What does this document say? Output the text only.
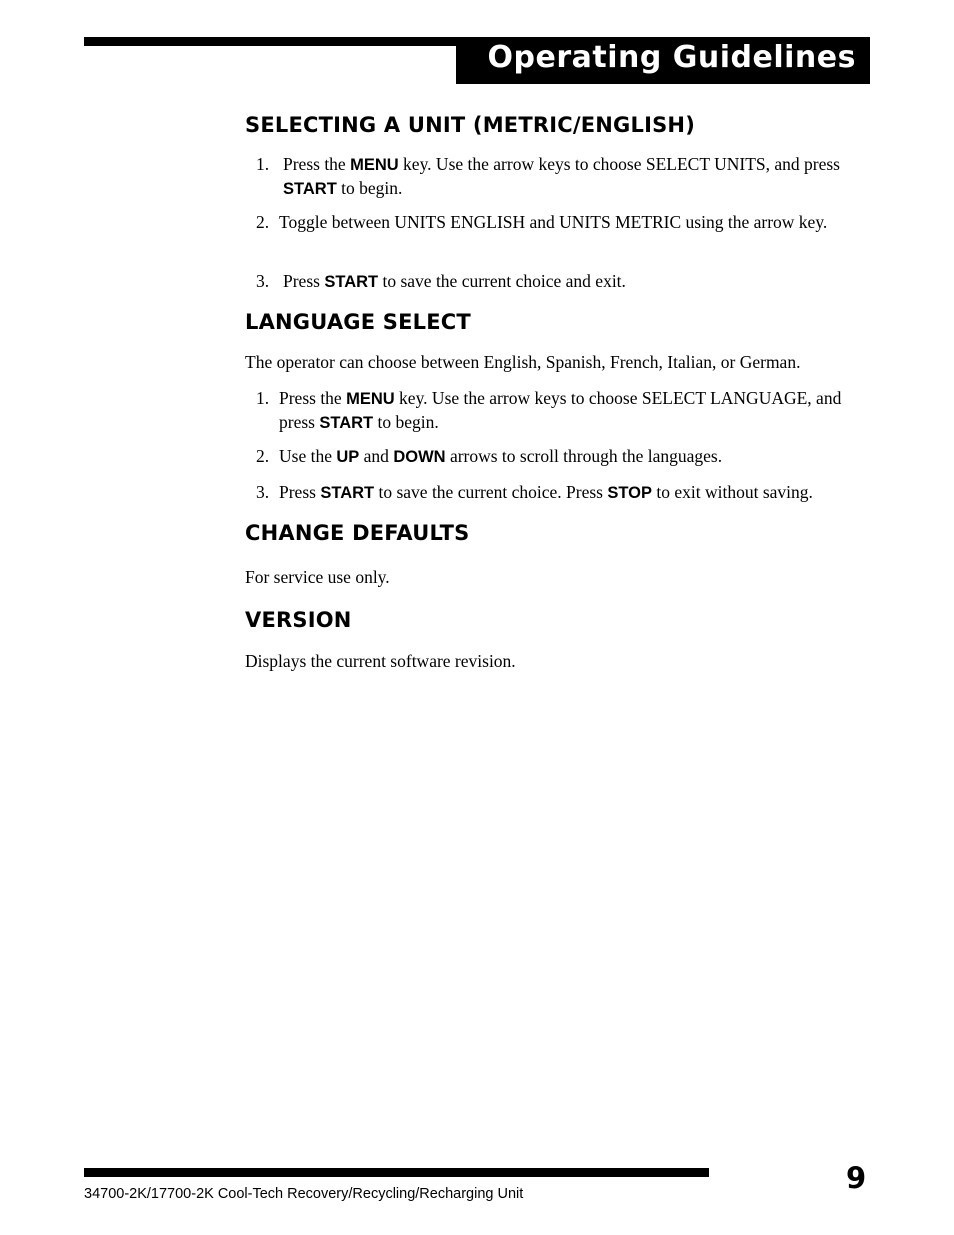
Operating Guidelines
SELECTING A UNIT (METRIC/ENGLISH)
1. Press the MENU key. Use the arrow keys to choose SELECT UNITS, and press START to begin.
2. Toggle between UNITS ENGLISH and UNITS METRIC using the arrow key.
3. Press START to save the current choice and exit.
LANGUAGE SELECT
The operator can choose between English, Spanish, French, Italian, or German.
1. Press the MENU key. Use the arrow keys to choose SELECT LANGUAGE, and press START to begin.
2. Use the UP and DOWN arrows to scroll through the languages.
3. Press START to save the current choice. Press STOP to exit without saving.
CHANGE DEFAULTS
For service use only.
VERSION
Displays the current software revision.
9
34700-2K/17700-2K Cool-Tech Recovery/Recycling/Recharging Unit
